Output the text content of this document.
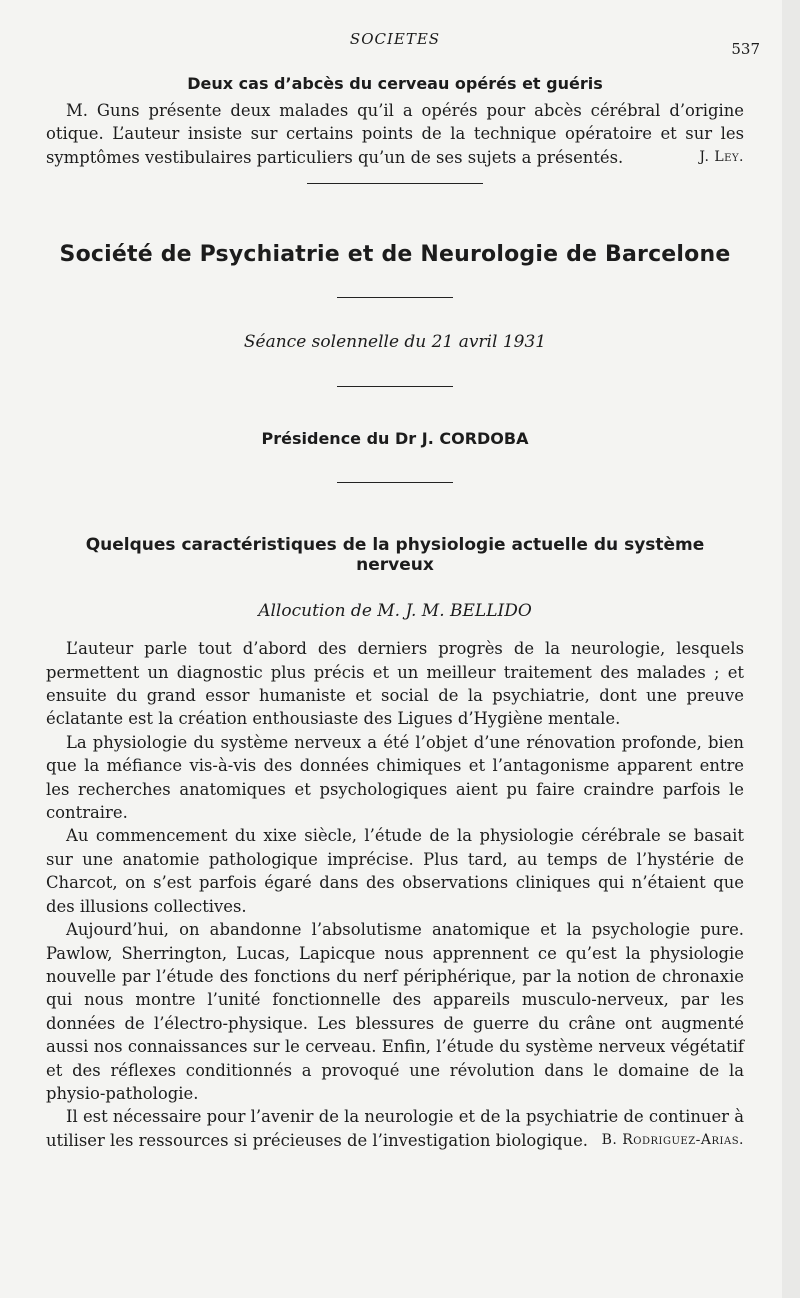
SOCIETES
537
Deux cas d’abcès du cerveau opérés et guéris

M. Guns présente deux malades qu’il a opérés pour abcès cérébral d’origine otique. L’auteur insiste sur certains points de la technique opératoire et sur les symptômes vestibulaires particuliers qu’un de ses sujets a présentés.	J. Ley.
Société de Psychiatrie et de Neurologie de Barcelone
Séance solennelle du 21 avril 1931
Présidence du Dr J. CORDOBA
Quelques caractéristiques de la physiologie actuelle du système nerveux
Allocution de M. J. M. BELLIDO

L’auteur parle tout d’abord des derniers progrès de la neurologie, lesquels permettent un diagnostic plus précis et un meilleur traitement des malades ; et ensuite du grand essor humaniste et social de la psychiatrie, dont une preuve éclatante est la création enthousiaste des Ligues d’Hygiène mentale.

La physiologie du système nerveux a été l’objet d’une rénovation profonde, bien que la méfiance vis-à-vis des données chimiques et l’antagonisme apparent entre les recherches anatomiques et psychologiques aient pu faire craindre parfois le contraire.

Au commencement du xixe siècle, l’étude de la physiologie cérébrale se basait sur une anatomie pathologique imprécise. Plus tard, au temps de l’hystérie de Charcot, on s’est parfois égaré dans des observations cliniques qui n’étaient que des illusions collectives.

Aujourd’hui, on abandonne l’absolutisme anatomique et la psychologie pure. Pawlow, Sherrington, Lucas, Lapicque nous apprennent ce qu’est la physiologie nouvelle par l’étude des fonctions du nerf périphérique, par la notion de chronaxie qui nous montre l’unité fonctionnelle des appareils musculo-nerveux, par les données de l’électro-physique. Les blessures de guerre du crâne ont augmenté aussi nos connaissances sur le cerveau. Enfin, l’étude du système nerveux végétatif et des réflexes conditionnés a provoqué une révolution dans le domaine de la physio-pathologie.

Il est nécessaire pour l’avenir de la neurologie et de la psychiatrie de continuer à utiliser les ressources si précieuses de l’investigation biologique. B. Rodriguez-Arias.
